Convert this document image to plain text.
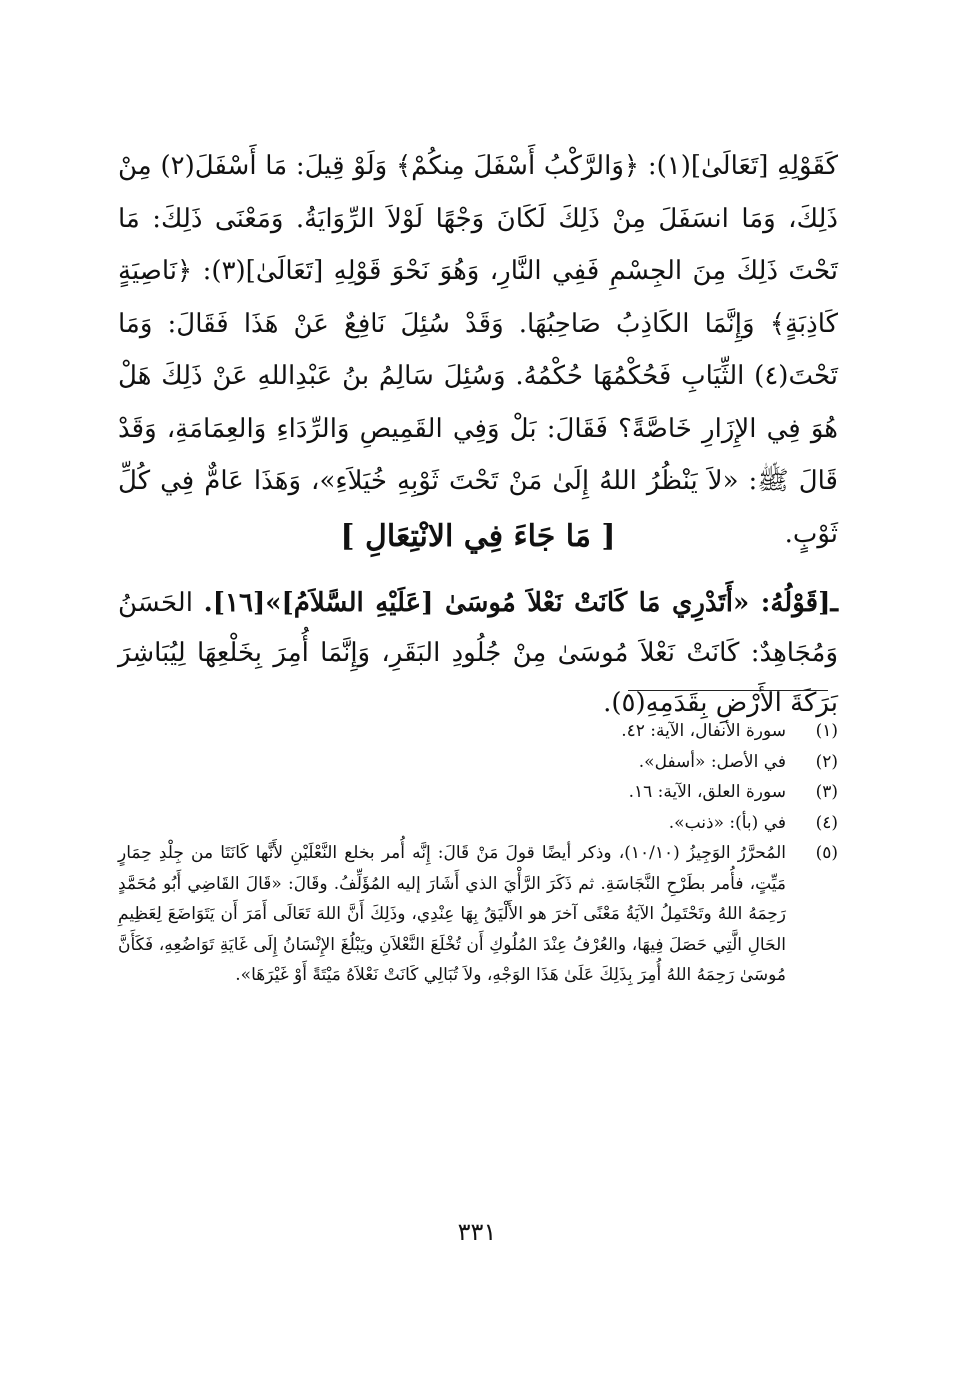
كَقَوْلِهِ [تَعَالَىٰ](١): ﴿وَالرَّكْبُ أَسْفَلَ مِنكُمْ﴾ وَلَوْ قِيلَ: مَا أَسْفَلَ(٢) مِنْ ذَلِكَ، وَمَا انسَفَلَ مِنْ ذَلِكَ لَكَانَ وَجْهًا لَوْلاَ الرِّوَايَةُ. وَمَعْنَى ذَلِكَ: مَا تَحْتَ ذَلِكَ مِنَ الجِسْمِ فَفِي النَّارِ، وَهُوَ نَحْوَ قَوْلِهِ [تَعَالَىٰ](٣): ﴿نَاصِيَةٍ كَاذِبَةٍ﴾ وَإِنَّمَا الكَاذِبُ صَاحِبُهَا. وَقَدْ سُئِلَ نَافِعٌ عَنْ هَذَا فَقَالَ: وَمَا تَحْتَ(٤) الثِّيَابِ فَحُكْمُهَا حُكْمُهُ. وَسُئِلَ سَالِمُ بنُ عَبْدِاللهِ عَنْ ذَلِكَ هَلْ هُوَ فِي الإِزَارِ خَاصَّةً؟ فَقَالَ: بَلْ وَفِي القَمِيصِ وَالرِّدَاءِ وَالعِمَامَةِ، وَقَدْ قَالَ ﷺ: «لاَ يَنْظُرُ اللهُ إِلَىٰ مَنْ تَحْتَ ثَوْبِهِ خُيَلاَءِ»، وَهَذَا عَامٌّ فِي كُلِّ ثَوْبٍ.

[ مَا جَاءَ فِي الانْتِعَالِ ]

ـ[قَوْلُهُ: «أَتَدْرِي مَا كَانَتْ نَعْلاَ مُوسَىٰ [عَلَيْهِ السَّلاَمُ]»[١٦]. الحَسَنُ وَمُجَاهِدٌ: كَانَتْ نَعْلاَ مُوسَىٰ مِنْ جُلُودِ البَقَرِ، وَإِنَّمَا أُمِرَ بِخَلْعِهَا لِيُبَاشِرَ بَرَكَةَ الأَرْضِ بِقَدَمِهِ(٥).

(١)
سورة الأنفال، الآية: ٤٢.
(٢)
في الأصل: «أسفل».
(٣)
سورة العلق، الآية: ١٦.
(٤)
في (بأ): «ذنب».
(٥)
المُحرَّرُ الوَجِيزُ (١٠/١٠)، وذكر أيضًا قولَ مَنْ قَالَ: إِنَّه أُمر بخلع النَّعْلَيْنِ لأَنَّها كَانَتَا من جِلْدِ حِمَارٍ مَيِّتٍ، فأُمر بطَرْحِ النَّجَاسَةِ. ثم ذَكَرَ الرَّأْيَ الذي أَشَارَ إليه المُؤَلِّفُ. وقَالَ: «قَالَ القَاضِي أَبُو مُحَمَّدٍ رَحِمَهُ اللهُ وتَحْتَمِلُ الآيَةُ مَعْنًى آخرَ هو الأَلْيَقُ بِهَا عِنْدِي، وذَلِكَ أَنَّ اللهَ تَعَالَى أَمَرَ أَن يَتَوَاضَعَ لِعَظِيمِ الحَالِ الَّتِي حَصَلَ فِيهَا، والعُرْفُ عِنْدَ المُلُوكِ أَن تُخْلَعَ النَّعْلاَنِ ويَبْلُغَ الإِنْسَانُ إِلَى غَايَةِ تَوَاضُعِهِ، فَكَأَنَّ مُوسَىٰ رَحِمَهُ اللهُ أُمِرَ بِذَلِكَ عَلَىٰ هَذَا الوَجْهِ، ولاَ تُبَالِي كَانَتْ نَعْلاَهُ مَيْتَةً أَوْ غَيْرَهَا».
٣٣١
